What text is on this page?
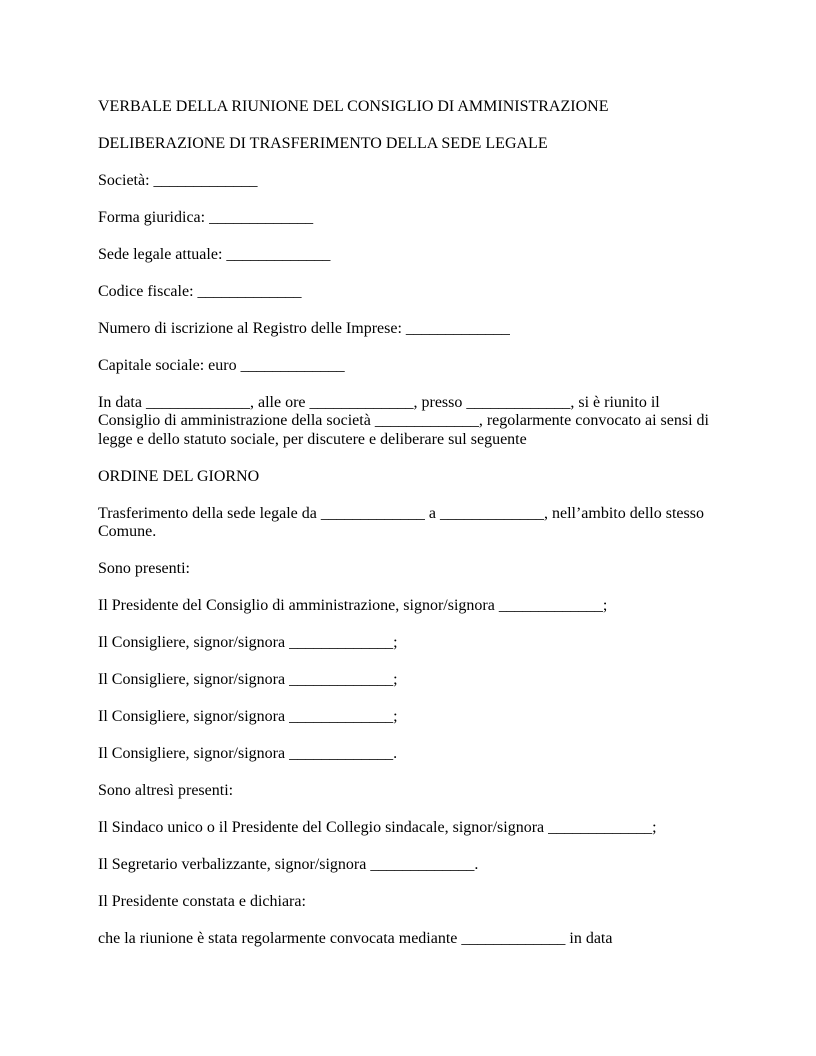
VERBALE DELLA RIUNIONE DEL CONSIGLIO DI AMMINISTRAZIONE

DELIBERAZIONE DI TRASFERIMENTO DELLA SEDE LEGALE

Società: _____________

Forma giuridica: _____________

Sede legale attuale: _____________

Codice fiscale: _____________

Numero di iscrizione al Registro delle Imprese: _____________

Capitale sociale: euro _____________

In data _____________, alle ore _____________, presso _____________, si è riunito il Consiglio di amministrazione della società _____________, regolarmente convocato ai sensi di legge e dello statuto sociale, per discutere e deliberare sul seguente

ORDINE DEL GIORNO

Trasferimento della sede legale da _____________ a _____________, nell’ambito dello stesso Comune.

Sono presenti:

Il Presidente del Consiglio di amministrazione, signor/signora _____________;

Il Consigliere, signor/signora _____________;

Il Consigliere, signor/signora _____________;

Il Consigliere, signor/signora _____________;

Il Consigliere, signor/signora _____________.

Sono altresì presenti:

Il Sindaco unico o il Presidente del Collegio sindacale, signor/signora _____________;

Il Segretario verbalizzante, signor/signora _____________.

Il Presidente constata e dichiara:

che la riunione è stata regolarmente convocata mediante _____________ in data
